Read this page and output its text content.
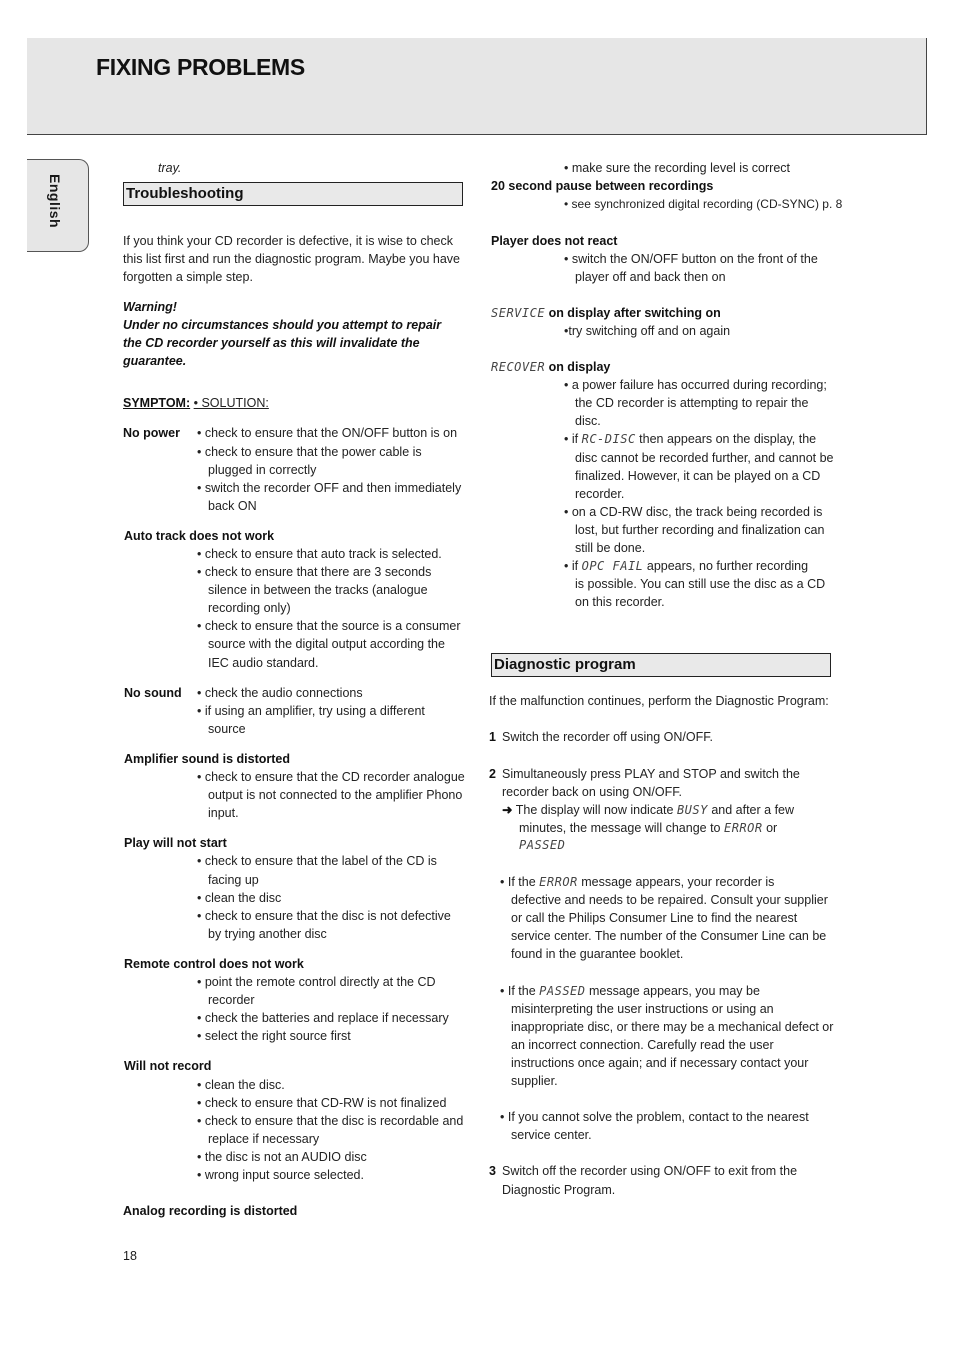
FIXING PROBLEMS
English
tray.
Troubleshooting
If you think your CD recorder is defective, it is wise to check
this list first and run the diagnostic program. Maybe you have
forgotten a simple step.
Warning!
Under no circumstances should you attempt to repair
the CD recorder yourself as this will invalidate the
guarantee.
SYMPTOM: • SOLUTION:
No power • check to ensure that the ON/OFF button is on
• check to ensure that the power cable is
plugged in correctly
• switch the recorder OFF and then immediately
back ON
Auto track does not work
• check to ensure that auto track is selected.
• check to ensure that there are 3 seconds
silence in between the tracks (analogue
recording only)
• check to ensure that the source is a consumer
source with the digital output according the
IEC audio standard.
No sound • check the audio connections
• if using an amplifier, try using a different
source
Amplifier sound is distorted
• check to ensure that the CD recorder analogue
output is not connected to the amplifier Phono
input.
Play will not start
• check to ensure that the label of the CD is
facing up
• clean the disc
• check to ensure that the disc is not defective
by trying another disc
Remote control does not work
• point the remote control directly at the CD
recorder
• check the batteries and replace if necessary
• select the right source first
Will not record
• clean the disc.
• check to ensure that CD-RW is not finalized
• check to ensure that the disc is recordable and
replace if necessary
• the disc is not an AUDIO disc
• wrong input source selected.
Analog recording is distorted
18
• make sure the recording level is correct
20 second pause between recordings
• see synchronized digital recording (CD-SYNC) p. 8
Player does not react
• switch the ON/OFF button on the front of the
player off and back then on
SERVICE on display after switching on
•try switching off and on again
RECOVER on display
• a power failure has occurred during recording;
the CD recorder is attempting to repair the
disc.
• if RC-DISC then appears on the display, the
disc cannot be recorded further, and cannot be
finalized. However, it can be played on a CD
recorder.
• on a CD-RW disc, the track being recorded is
lost, but further recording and finalization can
still be done.
• if OPC FAIL appears, no further recording
is possible. You can still use the disc as a CD
on this recorder.
Diagnostic program
If the malfunction continues, perform the Diagnostic Program:
1 Switch the recorder off using ON/OFF.
2 Simultaneously press PLAY and STOP and switch the
recorder back on using ON/OFF.
➜ The display will now indicate BUSY and after a few
minutes, the message will change to ERROR or
PASSED
• If the ERROR message appears, your recorder is
defective and needs to be repaired. Consult your supplier
or call the Philips Consumer Line to find the nearest
service center. The number of the Consumer Line can be
found in the guarantee booklet.
• If the PASSED message appears, you may be
misinterpreting the user instructions or using an
inappropriate disc, or there may be a mechanical defect or
an incorrect connection. Carefully read the user
instructions once again; and if necessary contact your
supplier.
• If you cannot solve the problem, contact to the nearest
service center.
3 Switch off the recorder using ON/OFF to exit from the
Diagnostic Program.
